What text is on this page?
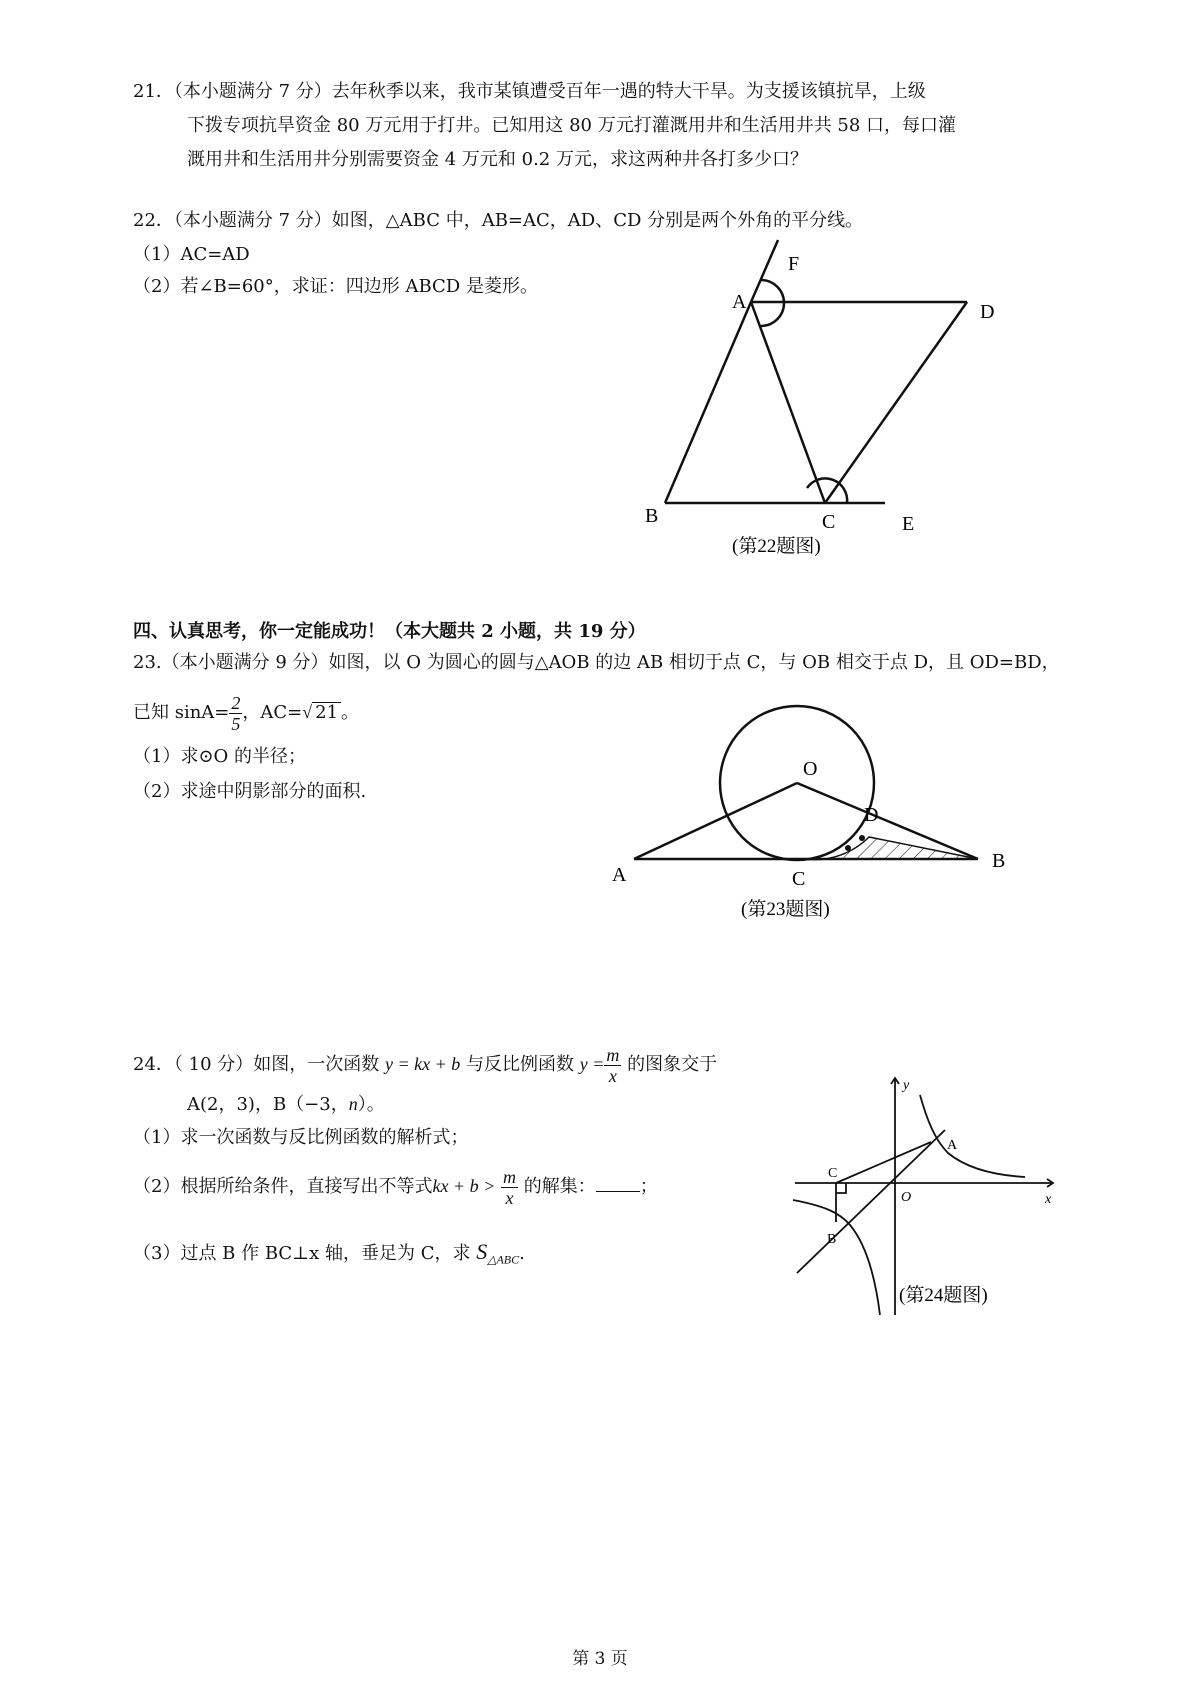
21．（本小题满分 7 分）去年秋季以来，我市某镇遭受百年一遇的特大干旱。为支援该镇抗旱，上级
下拨专项抗旱资金 80 万元用于打井。已知用这 80 万元打灌溉用井和生活用井共 58 口，每口灌
溉用井和生活用井分别需要资金 4 万元和 0.2 万元，求这两种井各打多少口？
22．（本小题满分 7 分）如图，△ABC 中，AB=AC，AD、CD 分别是两个外角的平分线。
（1）AC=AD
（2）若∠B=60°，求证：四边形 ABCD 是菱形。
F
A	D
B	C	E
(第22题图)
四、认真思考，你一定能成功！（本大题共 2 小题，共 19 分）
23.（本小题满分 9 分）如图，以 O 为圆心的圆与△AOB 的边 AB 相切于点 C，与 OB 相交于点 D，且 OD=BD，
已知 $\sin A= \frac{2}{5}$ ，AC=√ 21 。
（1）求⊙O 的半径；
（2）求途中阴影部分的面积.
O
D
A	C
B
(第23题图)
24．（ 10 分）如图，一次函数 y = kx + b 与反比例函数 $y = \frac{m}{x}$ 的图象交于
A(2，3)，B（−3，n）。
（1）求一次函数与反比例函数的解析式；
（2）根据所给条件，直接写出不等式kx + $b > \frac{m}{x}$ 的解集： ；
（3）过点 B 作 BC⊥x 轴，垂足为 C，求 $S_{\triangle ABC}$.
y
x
O
A
B
C
(第24题图)
第 3 页
